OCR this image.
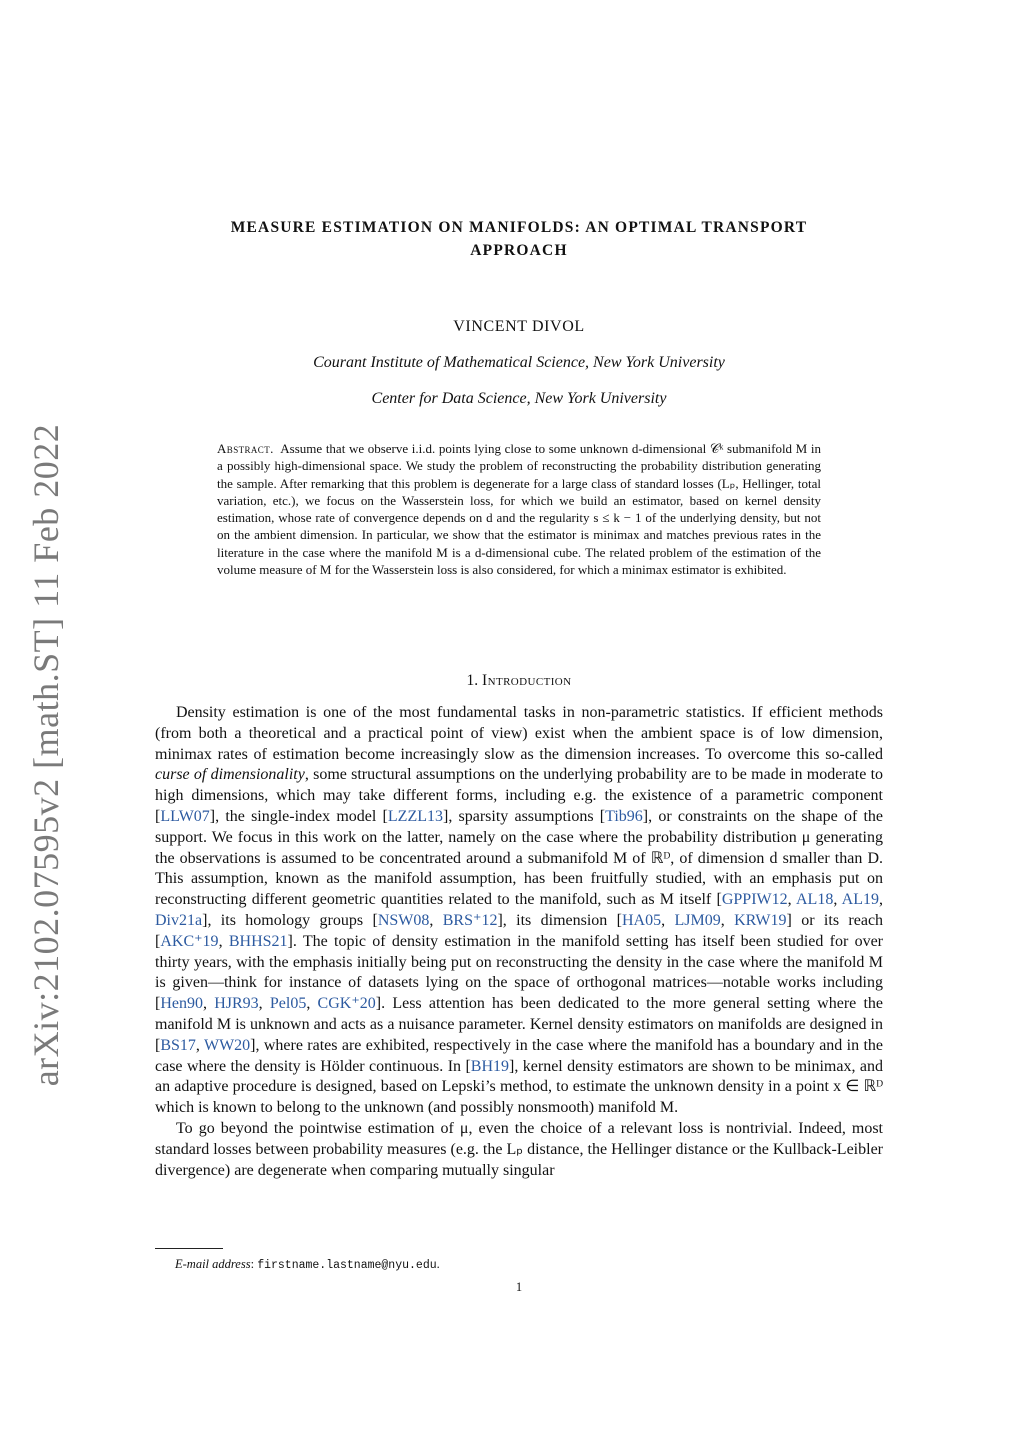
arXiv:2102.07595v2 [math.ST] 11 Feb 2022
MEASURE ESTIMATION ON MANIFOLDS: AN OPTIMAL TRANSPORT
APPROACH
VINCENT DIVOL
Courant Institute of Mathematical Science, New York University
Center for Data Science, New York University
Abstract. Assume that we observe i.i.d. points lying close to some unknown d-dimensional 𝒞ᵏ submanifold M in a possibly high-dimensional space. We study the problem of reconstructing the probability distribution generating the sample. After remarking that this problem is degenerate for a large class of standard losses (Lₚ, Hellinger, total variation, etc.), we focus on the Wasserstein loss, for which we build an estimator, based on kernel density estimation, whose rate of convergence depends on d and the regularity s ≤ k − 1 of the underlying density, but not on the ambient dimension. In particular, we show that the estimator is minimax and matches previous rates in the literature in the case where the manifold M is a d-dimensional cube. The related problem of the estimation of the volume measure of M for the Wasserstein loss is also considered, for which a minimax estimator is exhibited.
1. Introduction

Density estimation is one of the most fundamental tasks in non-parametric statistics. If efficient methods (from both a theoretical and a practical point of view) exist when the ambient space is of low dimension, minimax rates of estimation become increasingly slow as the dimension increases. To overcome this so-called curse of dimensionality, some structural assumptions on the underlying probability are to be made in moderate to high dimensions, which may take different forms, including e.g. the existence of a parametric component [LLW07], the single-index model [LZZL13], sparsity assumptions [Tib96], or constraints on the shape of the support. We focus in this work on the latter, namely on the case where the probability distribution μ generating the observations is assumed to be concentrated around a submanifold M of ℝᴰ, of dimension d smaller than D. This assumption, known as the manifold assumption, has been fruitfully studied, with an emphasis put on reconstructing different geometric quantities related to the manifold, such as M itself [GPPIW12, AL18, AL19, Div21a], its homology groups [NSW08, BRS⁺12], its dimension [HA05, LJM09, KRW19] or its reach [AKC⁺19, BHHS21]. The topic of density estimation in the manifold setting has itself been studied for over thirty years, with the emphasis initially being put on reconstructing the density in the case where the manifold M is given—think for instance of datasets lying on the space of orthogonal matrices—notable works including [Hen90, HJR93, Pel05, CGK⁺20]. Less attention has been dedicated to the more general setting where the manifold M is unknown and acts as a nuisance parameter. Kernel density estimators on manifolds are designed in [BS17, WW20], where rates are exhibited, respectively in the case where the manifold has a boundary and in the case where the density is Hölder continuous. In [BH19], kernel density estimators are shown to be minimax, and an adaptive procedure is designed, based on Lepski’s method, to estimate the unknown density in a point x ∈ ℝᴰ which is known to belong to the unknown (and possibly nonsmooth) manifold M.

To go beyond the pointwise estimation of μ, even the choice of a relevant loss is nontrivial. Indeed, most standard losses between probability measures (e.g. the Lₚ distance, the Hellinger distance or the Kullback-Leibler divergence) are degenerate when comparing mutually singular

E-mail address: firstname.lastname@nyu.edu.
1
